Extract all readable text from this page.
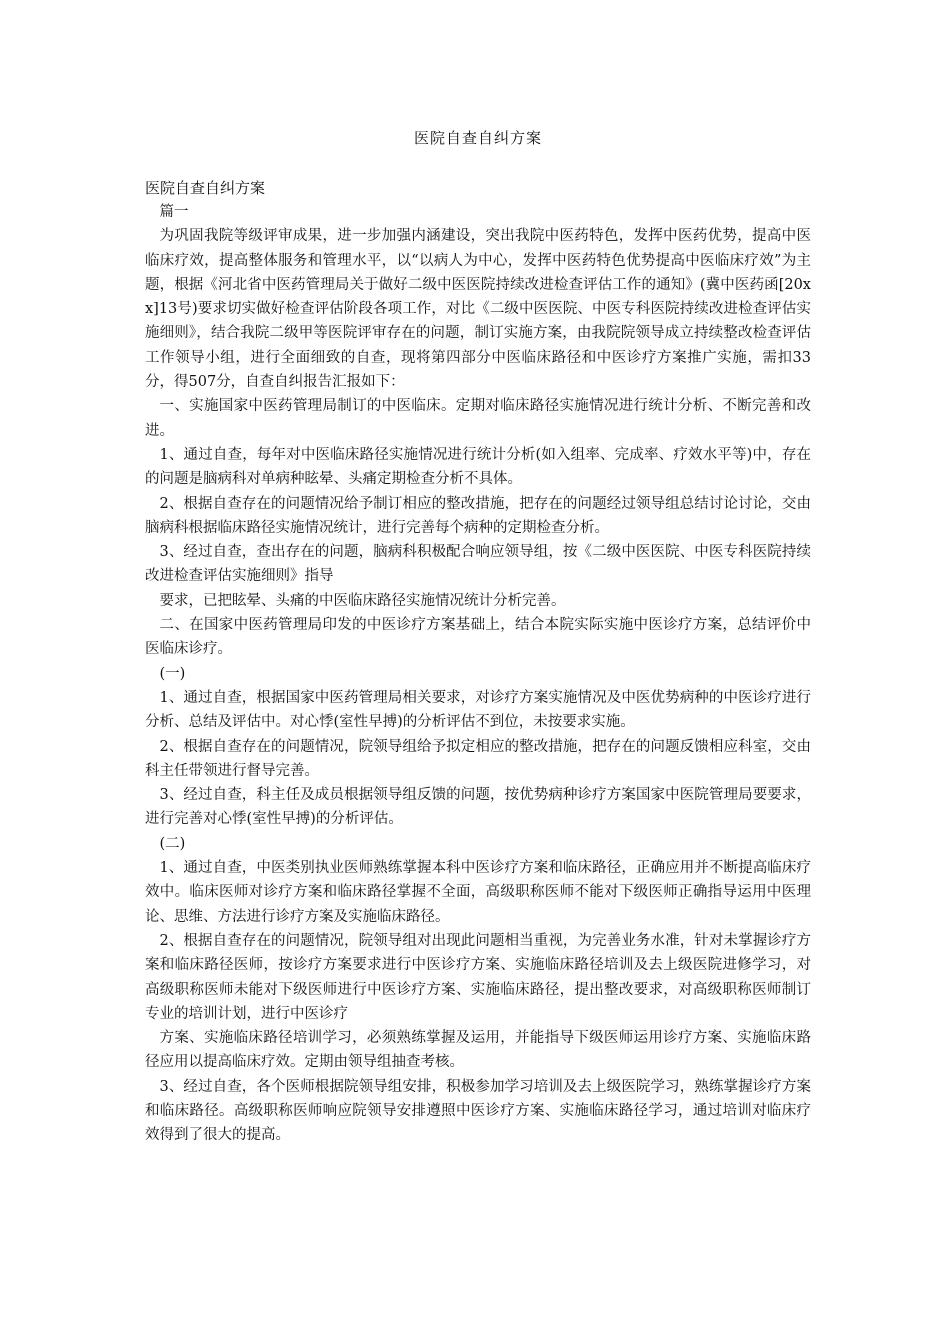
医院自查自纠方案
医院自查自纠方案

篇一

为巩固我院等级评审成果，进一步加强内涵建设，突出我院中医药特色，发挥中医药优势，提高中医临床疗效，提高整体服务和管理水平，以“以病人为中心，发挥中医药特色优势提高中医临床疗效”为主题，根据《河北省中医药管理局关于做好二级中医医院持续改进检查评估工作的通知》(冀中医药函[20xx]13号)要求切实做好检查评估阶段各项工作，对比《二级中医医院、中医专科医院持续改进检查评估实施细则》，结合我院二级甲等医院评审存在的问题，制订实施方案，由我院院领导成立持续整改检查评估工作领导小组，进行全面细致的自查，现将第四部分中医临床路径和中医诊疗方案推广实施，需扣33分，得507分，自查自纠报告汇报如下：

一、实施国家中医药管理局制订的中医临床。定期对临床路径实施情况进行统计分析、不断完善和改进。

1、通过自查，每年对中医临床路径实施情况进行统计分析(如入组率、完成率、疗效水平等)中，存在的问题是脑病科对单病种眩晕、头痛定期检查分析不具体。

2、根据自查存在的问题情况给予制订相应的整改措施，把存在的问题经过领导组总结讨论讨论，交由脑病科根据临床路径实施情况统计，进行完善每个病种的定期检查分析。

3、经过自查，查出存在的问题，脑病科积极配合响应领导组，按《二级中医医院、中医专科医院持续改进检查评估实施细则》指导

要求，已把眩晕、头痛的中医临床路径实施情况统计分析完善。

二、在国家中医药管理局印发的中医诊疗方案基础上，结合本院实际实施中医诊疗方案，总结评价中医临床诊疗。

(一)

1、通过自查，根据国家中医药管理局相关要求，对诊疗方案实施情况及中医优势病种的中医诊疗进行分析、总结及评估中。对心悸(室性早搏)的分析评估不到位，未按要求实施。

2、根据自查存在的问题情况，院领导组给予拟定相应的整改措施，把存在的问题反馈相应科室，交由科主任带领进行督导完善。

3、经过自查，科主任及成员根据领导组反馈的问题，按优势病种诊疗方案国家中医院管理局要要求，进行完善对心悸(室性早搏)的分析评估。

(二)

1、通过自查，中医类别执业医师熟练掌握本科中医诊疗方案和临床路径，正确应用并不断提高临床疗效中。临床医师对诊疗方案和临床路径掌握不全面，高级职称医师不能对下级医师正确指导运用中医理论、思维、方法进行诊疗方案及实施临床路径。

2、根据自查存在的问题情况，院领导组对出现此问题相当重视，为完善业务水准，针对未掌握诊疗方案和临床路径医师，按诊疗方案要求进行中医诊疗方案、实施临床路径培训及去上级医院进修学习，对高级职称医师未能对下级医师进行中医诊疗方案、实施临床路径，提出整改要求，对高级职称医师制订专业的培训计划，进行中医诊疗

方案、实施临床路径培训学习，必须熟练掌握及运用，并能指导下级医师运用诊疗方案、实施临床路径应用以提高临床疗效。定期由领导组抽查考核。

3、经过自查，各个医师根据院领导组安排，积极参加学习培训及去上级医院学习，熟练掌握诊疗方案和临床路径。高级职称医师响应院领导安排遵照中医诊疗方案、实施临床路径学习，通过培训对临床疗效得到了很大的提高。
